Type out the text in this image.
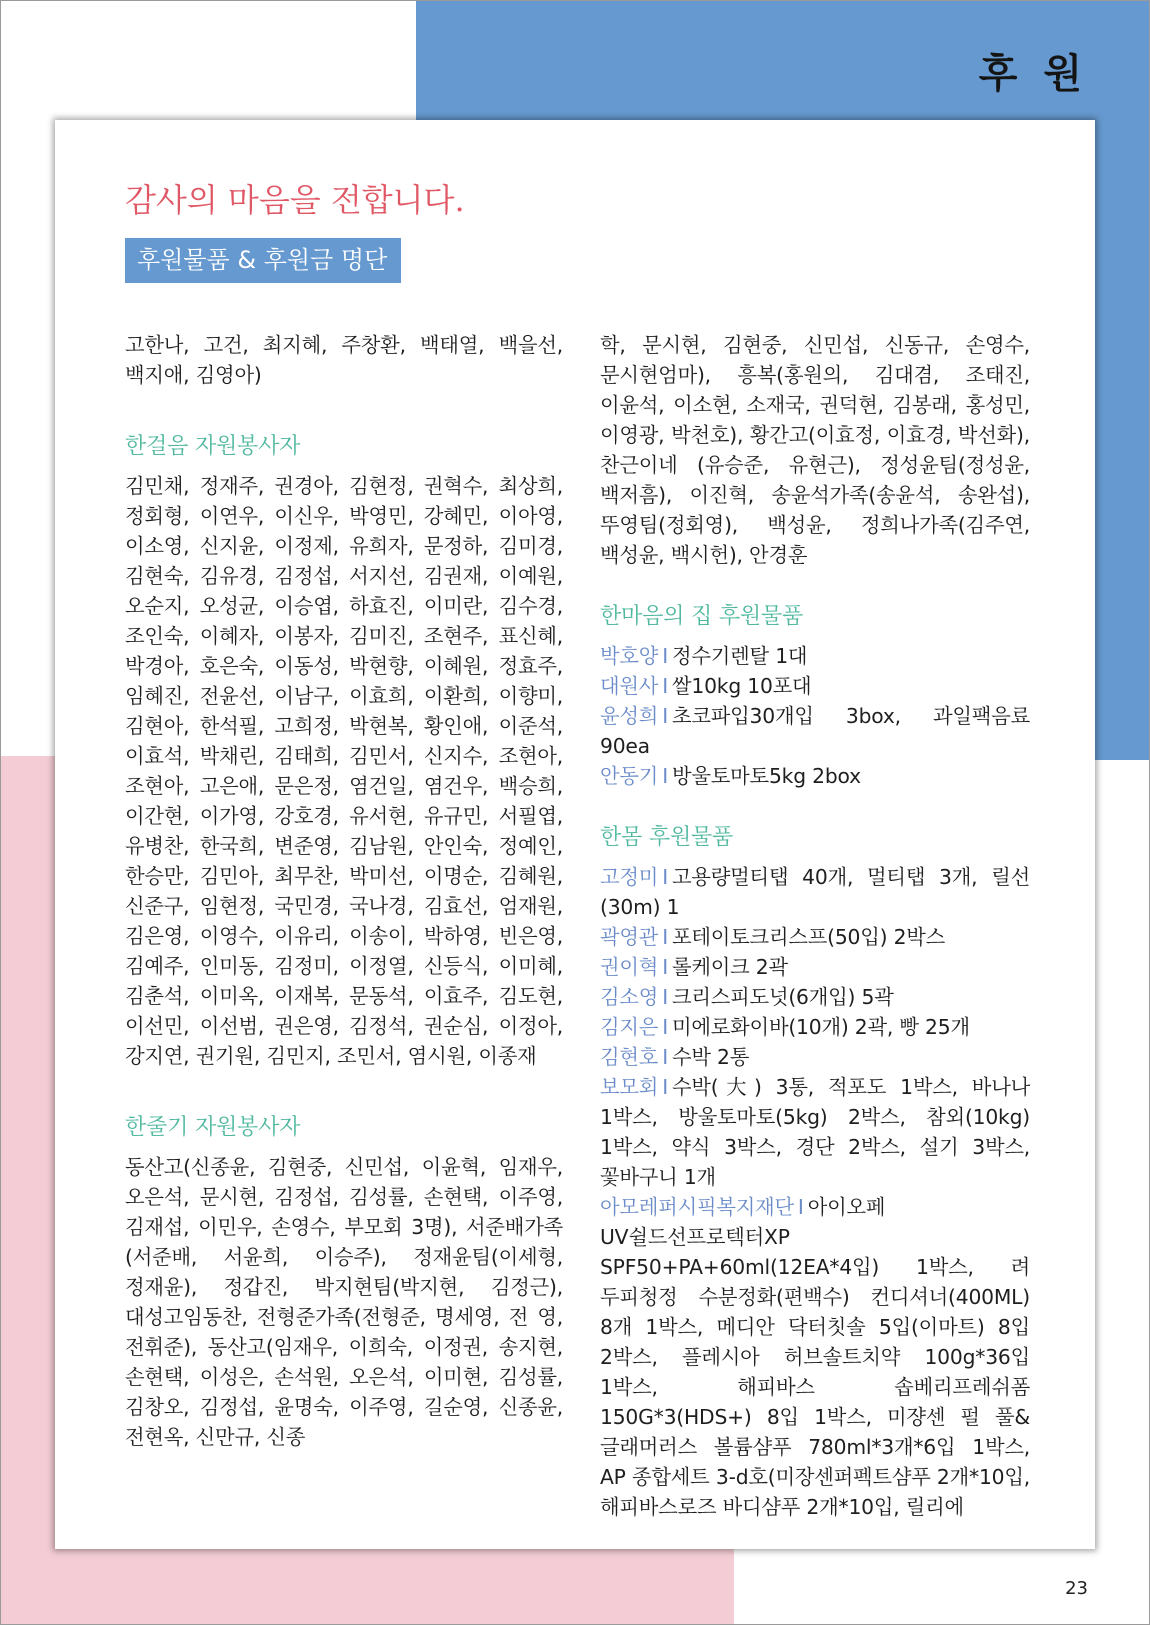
후 원
감사의 마음을 전합니다.
후원물품 & 후원금 명단

고한나, 고건, 최지혜, 주창환, 백태열, 백을선, 백지애, 김영아)

한걸음 자원봉사자

김민채, 정재주, 권경아, 김현정, 권혁수, 최상희, 정회형, 이연우, 이신우, 박영민, 강혜민, 이아영, 이소영, 신지윤, 이정제, 유희자, 문정하, 김미경, 김현숙, 김유경, 김정섭, 서지선, 김권재, 이예원, 오순지, 오성균, 이승엽, 하효진, 이미란, 김수경, 조인숙, 이혜자, 이봉자, 김미진, 조현주, 표신혜, 박경아, 호은숙, 이동성, 박현향, 이혜원, 정효주, 임혜진, 전윤선, 이남구, 이효희, 이환희, 이향미, 김현아, 한석필, 고희정, 박현복, 황인애, 이준석, 이효석, 박채린, 김태희, 김민서, 신지수, 조현아, 조현아, 고은애, 문은정, 염건일, 염건우, 백승희, 이간현, 이가영, 강호경, 유서현, 유규민, 서필엽, 유병찬, 한국희, 변준영, 김남원, 안인숙, 정예인, 한승만, 김민아, 최무찬, 박미선, 이명순, 김혜원, 신준구, 임현정, 국민경, 국나경, 김효선, 엄재원, 김은영, 이영수, 이유리, 이송이, 박하영, 빈은영, 김예주, 인미동, 김정미, 이정열, 신등식, 이미혜, 김춘석, 이미옥, 이재복, 문동석, 이효주, 김도현, 이선민, 이선범, 권은영, 김정석, 권순심, 이정아, 강지연, 권기원, 김민지, 조민서, 염시원, 이종재

한줄기 자원봉사자

동산고(신종윤, 김현중, 신민섭, 이윤혁, 임재우, 오은석, 문시현, 김정섭, 김성률, 손현택, 이주영, 김재섭, 이민우, 손영수, 부모회 3명), 서준배가족(서준배, 서윤희, 이승주), 정재윤팀(이세형, 정재윤), 정갑진, 박지현팀(박지현, 김정근), 대성고임동찬, 전형준가족(전형준, 명세영, 전 영, 전휘준), 동산고(임재우, 이희숙, 이정권, 송지현, 손현택, 이성은, 손석원, 오은석, 이미현, 김성률, 김창오, 김정섭, 윤명숙, 이주영, 길순영, 신종윤, 전현옥, 신만규, 신종

학, 문시현, 김현중, 신민섭, 신동규, 손영수, 문시현엄마), 흥복(홍원의, 김대겸, 조태진, 이윤석, 이소현, 소재국, 권덕현, 김봉래, 홍성민, 이영광, 박천호), 황간고(이효정, 이효경, 박선화), 찬근이네 (유승준, 유현근), 정성윤팀(정성윤, 백저흠), 이진혁, 송윤석가족(송윤석, 송완섭), 뚜영팀(정회영), 백성윤, 정희나가족(김주연, 백성윤, 백시헌), 안경훈

한마음의 집 후원물품

박호양 I 정수기렌탈 1대

대원사 I 쌀10kg 10포대

윤성희 I 초코파입30개입 3box, 과일팩음료 90ea

안동기 I 방울토마토5kg 2box

한몸 후원물품

고정미 I 고용량멀티탭 40개, 멀티탭 3개, 릴선(30m) 1

곽영관 I 포테이토크리스프(50입) 2박스

권이혁 I 롤케이크 2곽

김소영 I 크리스피도넛(6개입) 5곽

김지은 I 미에로화이바(10개) 2곽, 빵 25개

김현호 I 수박 2통

보모회 I 수박(大) 3통, 적포도 1박스, 바나나 1박스, 방울토마토(5kg) 2박스, 참외(10kg) 1박스, 약식 3박스, 경단 2박스, 설기 3박스, 꽃바구니 1개

아모레퍼시픽복지재단 I 아이오페 UV쉴드선프로텍터XP SPF50+PA+60ml(12EA*4입) 1박스, 려 두피청정 수분정화(편백수) 컨디셔너(400ML) 8개 1박스, 메디안 닥터칫솔 5입(이마트) 8입 2박스, 플레시아 허브솔트치약 100g*36입 1박스, 해피바스 솝베리프레쉬폼 150G*3(HDS+) 8입 1박스, 미쟝센 펄 풀&글래머러스 볼륨샴푸 780ml*3개*6입 1박스, AP 종합세트 3-d호(미장센퍼펙트샴푸 2개*10입, 해피바스로즈 바디샴푸 2개*10입, 릴리에

23
